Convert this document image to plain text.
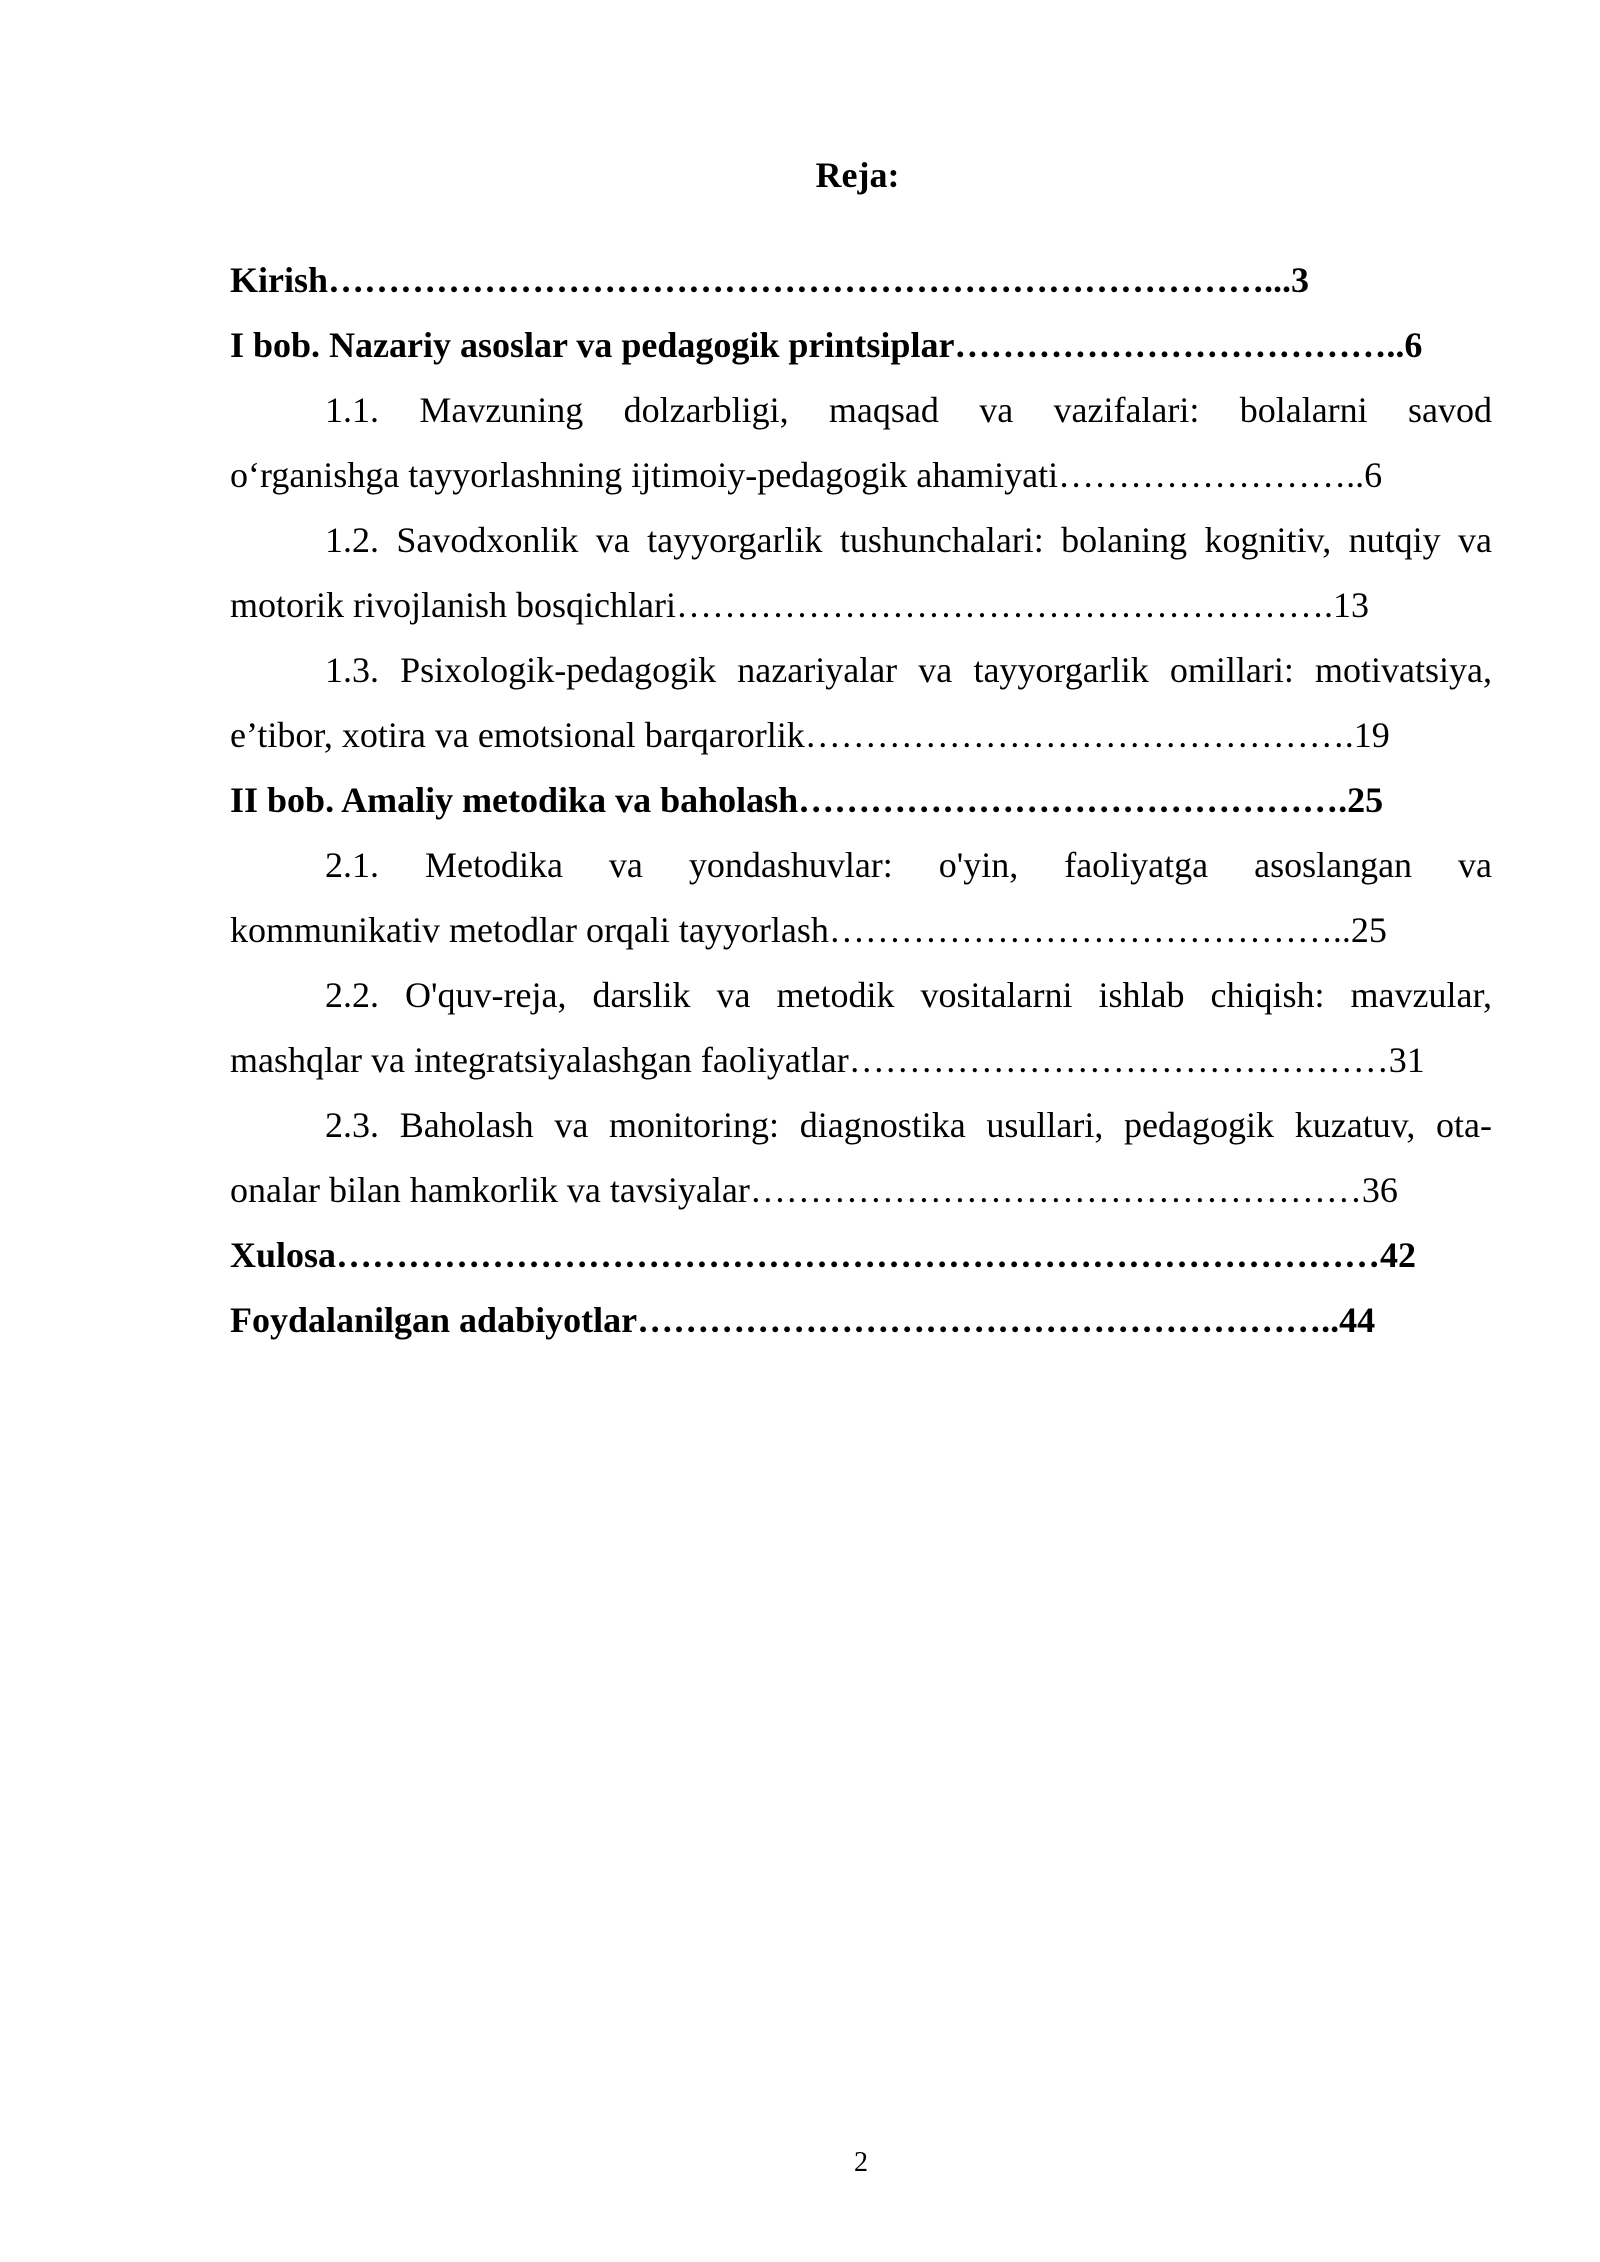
Reja:
Kirish……………………………………………………………………...3
I bob. Nazariy asoslar va pedagogik printsiplar………………………………..6
1.1. Mavzuning dolzarbligi, maqsad va vazifalari: bolalarni savod
o‘rganishga tayyorlashning ijtimoiy-pedagogik ahamiyati……………………..6
1.2. Savodxonlik va tayyorgarlik tushunchalari: bolaning kognitiv, nutqiy va
motorik rivojlanish bosqichlari……………………………………………….13
1.3. Psixologik-pedagogik nazariyalar va tayyorgarlik omillari: motivatsiya,
e’tibor, xotira va emotsional barqarorlik……………………………………….19
II bob. Amaliy metodika va baholash……………………………………….25
2.1. Metodika va yondashuvlar: o'yin, faoliyatga asoslangan va
kommunikativ metodlar orqali tayyorlash……………………………………..25
2.2. O'quv-reja, darslik va metodik vositalarni ishlab chiqish: mavzular,
mashqlar va integratsiyalashgan faoliyatlar………………………………………31
2.3. Baholash va monitoring: diagnostika usullari, pedagogik kuzatuv, ota-
onalar bilan hamkorlik va tavsiyalar……………………………………………36
Xulosa……………………………………………………………………………42
Foydalanilgan adabiyotlar…………………………………………………..44
2
